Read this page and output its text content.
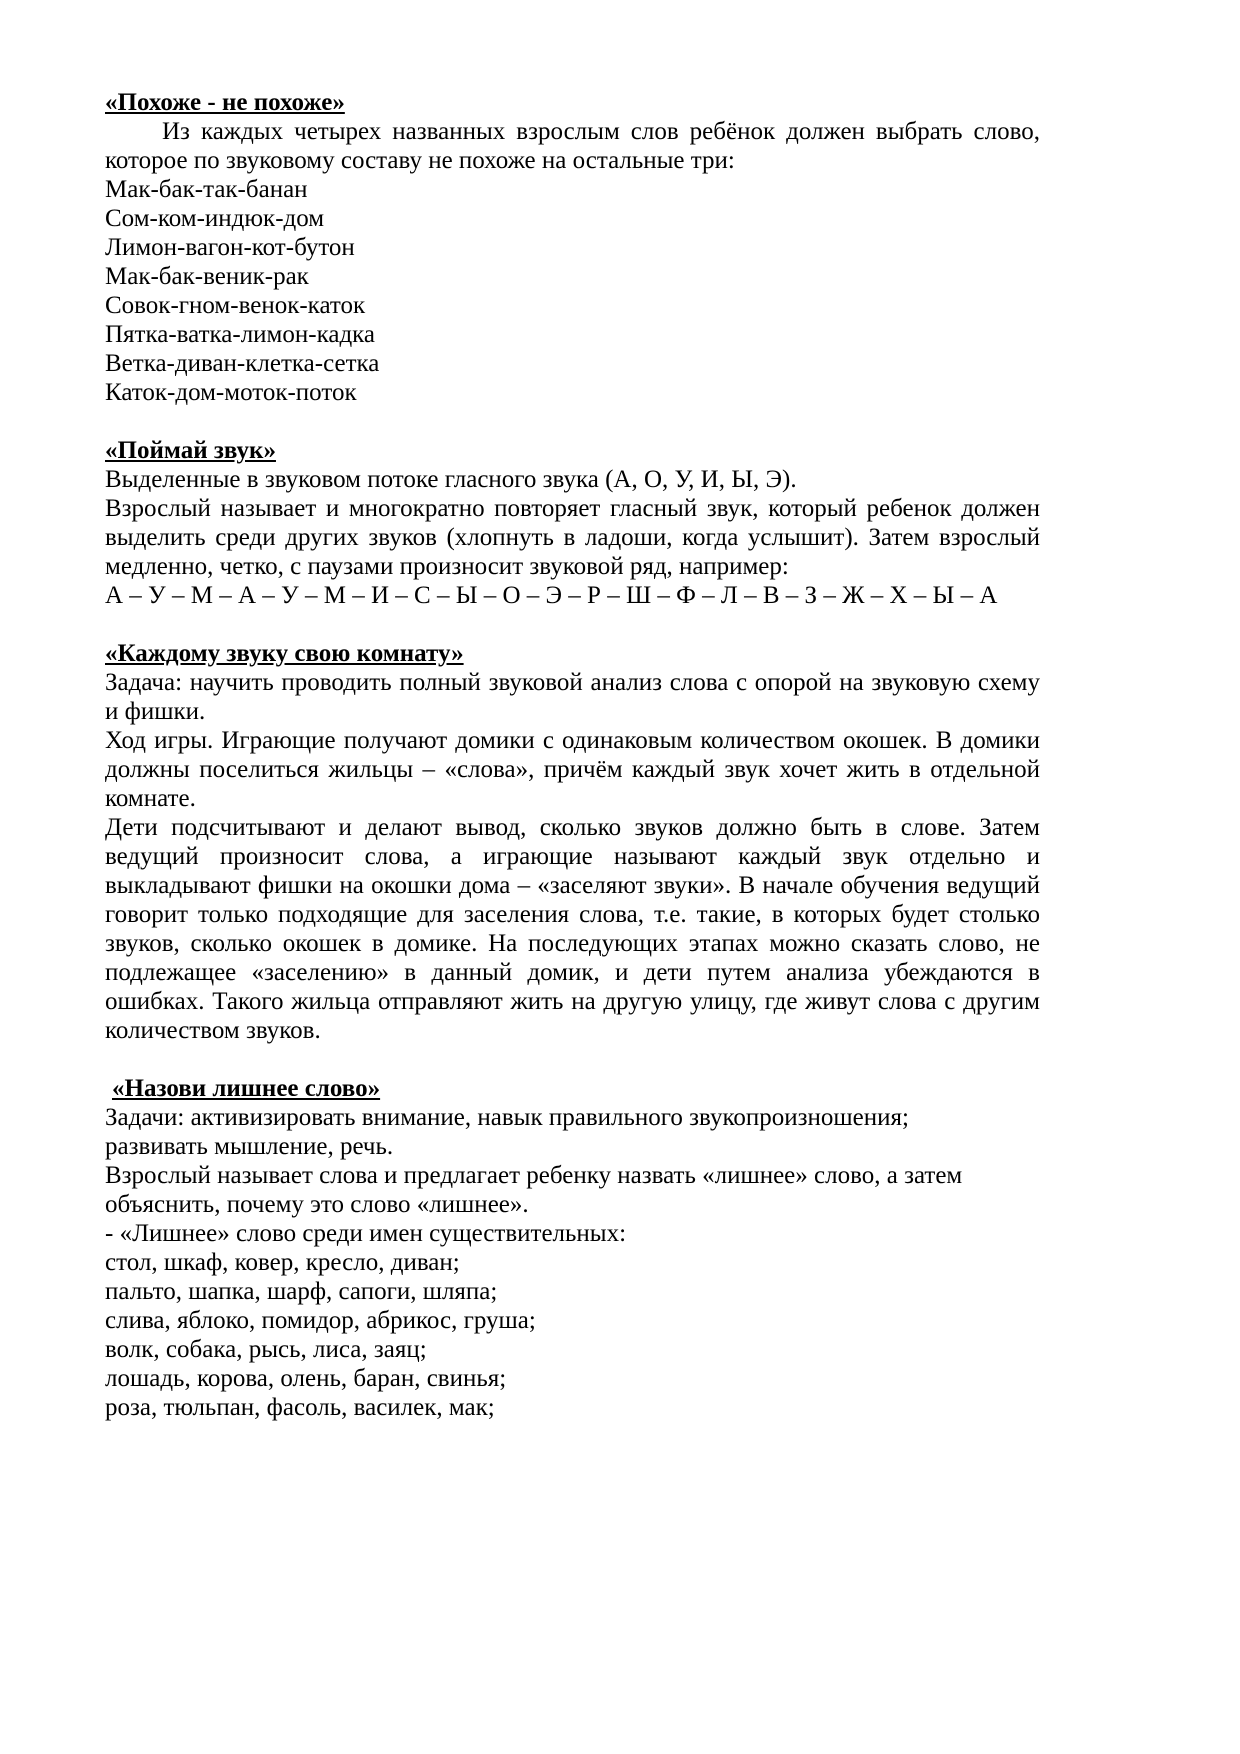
«Похоже - не похоже»

Из каждых четырех названных взрослым слов ребёнок должен выбрать слово, которое по звуковому составу не похоже на остальные три:

Мак-бак-так-банан
Сом-ком-индюк-дом
Лимон-вагон-кот-бутон
Мак-бак-веник-рак
Совок-гном-венок-каток
Пятка-ватка-лимон-кадка
Ветка-диван-клетка-сетка
Каток-дом-моток-поток
«Поймай звук»
Выделенные в звуковом потоке гласного звука (А, О, У, И, Ы, Э).

Взрослый называет и многократно повторяет гласный звук, который ребенок должен выделить среди других звуков (хлопнуть в ладоши, когда услышит). Затем взрослый медленно, четко, с паузами произносит звуковой ряд, например:

А – У – М – А – У – М – И – С – Ы – О – Э – Р – Ш – Ф – Л – В – З – Ж – Х – Ы – А
«Каждому звуку свою комнату»

Задача: научить проводить полный звуковой анализ слова с опорой на звуковую схему и фишки.

Ход игры. Играющие получают домики с одинаковым количеством окошек. В домики должны поселиться жильцы – «слова», причём каждый звук хочет жить в отдельной комнате.

Дети подсчитывают и делают вывод, сколько звуков должно быть в слове. Затем ведущий произносит слова, а играющие называют каждый звук отдельно и выкладывают фишки на окошки дома – «заселяют звуки». В начале обучения ведущий говорит только подходящие для заселения слова, т.е. такие, в которых будет столько звуков, сколько окошек в домике. На последующих этапах можно сказать слово, не подлежащее «заселению» в данный домик, и дети путем анализа убеждаются в ошибках. Такого жильца отправляют жить на другую улицу, где живут слова с другим количеством звуков.

«Назови лишнее слово»
Задачи: активизировать внимание, навык правильного звукопроизношения;
развивать мышление, речь.

Взрослый называет слова и предлагает ребенку назвать «лишнее» слово, а затем объяснить, почему это слово «лишнее».

- «Лишнее» слово среди имен существительных:
стол, шкаф, ковер, кресло, диван;
пальто, шапка, шарф, сапоги, шляпа;
слива, яблоко, помидор, абрикос, груша;
волк, собака, рысь, лиса, заяц;
лошадь, корова, олень, баран, свинья;
роза, тюльпан, фасоль, василек, мак;
